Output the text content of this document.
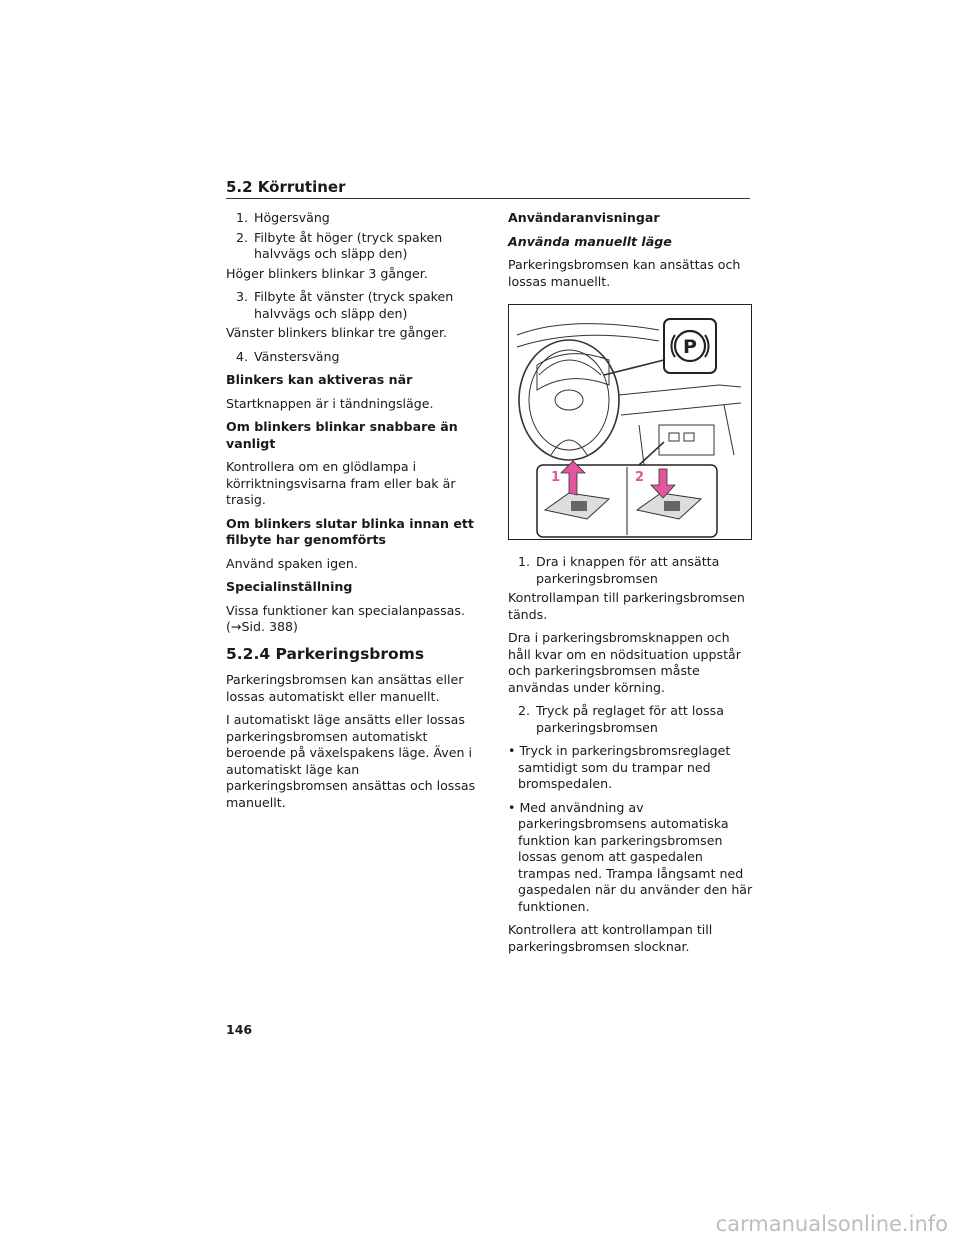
5.2 Körrutiner
1. Högersväng
2. Filbyte åt höger (tryck spaken halvvägs och släpp den)

Höger blinkers blinkar 3 gånger.

3. Filbyte åt vänster (tryck spaken halvvägs och släpp den)

Vänster blinkers blinkar tre gånger.

4. Vänstersväng

Blinkers kan aktiveras när

Startknappen är i tändningsläge.

Om blinkers blinkar snabbare än vanligt

Kontrollera om en glödlampa i körriktningsvisarna fram eller bak är trasig.

Om blinkers slutar blinka innan ett filbyte har genomförts

Använd spaken igen.

Specialinställning

Vissa funktioner kan specialanpassas. (→Sid. 388)

5.2.4 Parkeringsbroms

Parkeringsbromsen kan ansättas eller lossas automatiskt eller manuellt.

I automatiskt läge ansätts eller lossas parkeringsbromsen automatiskt beroende på växelspakens läge. Även i automatiskt läge kan parkeringsbromsen ansättas och lossas manuellt.

Användaranvisningar

Använda manuellt läge

Parkeringsbromsen kan ansättas och lossas manuellt.

P
1	2
1. Dra i knappen för att ansätta parkeringsbromsen

Kontrollampan till parkeringsbromsen tänds.

Dra i parkeringsbromsknappen och håll kvar om en nödsituation uppstår och parkeringsbromsen måste användas under körning.

2. Tryck på reglaget för att lossa parkeringsbromsen

• Tryck in parkeringsbromsreglaget samtidigt som du trampar ned bromspedalen.

• Med användning av parkeringsbromsens automatiska funktion kan parkeringsbromsen lossas genom att gaspedalen trampas ned. Trampa långsamt ned gaspedalen när du använder den här funktionen.

Kontrollera att kontrollampan till parkeringsbromsen slocknar.

146
carmanualsonline.info
